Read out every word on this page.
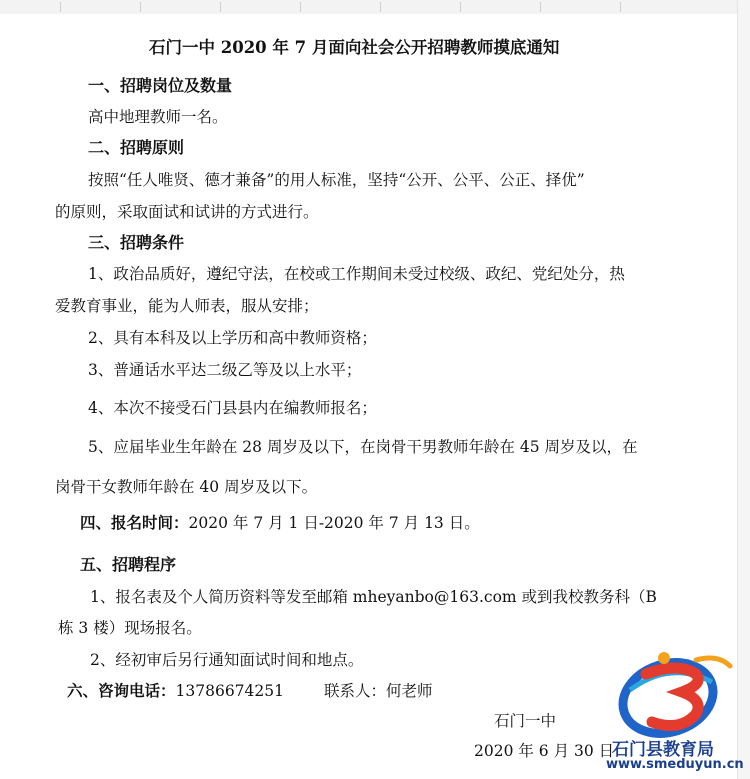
石门一中 2020 年 7 月面向社会公开招聘教师摸底通知
一、招聘岗位及数量
高中地理教师一名。
二、招聘原则
按照“任人唯贤、德才兼备”的用人标准，坚持“公开、公平、公正、择优”
的原则，采取面试和试讲的方式进行。
三、招聘条件
1、政治品质好，遵纪守法，在校或工作期间未受过校级、政纪、党纪处分，热
爱教育事业，能为人师表，服从安排；
2、具有本科及以上学历和高中教师资格；
3、普通话水平达二级乙等及以上水平；
4、本次不接受石门县县内在编教师报名；
5、应届毕业生年龄在 28 周岁及以下，在岗骨干男教师年龄在 45 周岁及以，在
岗骨干女教师年龄在 40 周岁及以下。
四、报名时间：2020 年 7 月 1 日-2020 年 7 月 13 日。
五、招聘程序
1、报名表及个人简历资料等发至邮箱 mheyanbo@163.com 或到我校教务科（B
栋 3 楼）现场报名。
2、经初审后另行通知面试时间和地点。
六、咨询电话：13786674251	联系人：何老师
石门一中
2020 年 6 月 30 日
石门县教育局
www.smeduyun.cn
